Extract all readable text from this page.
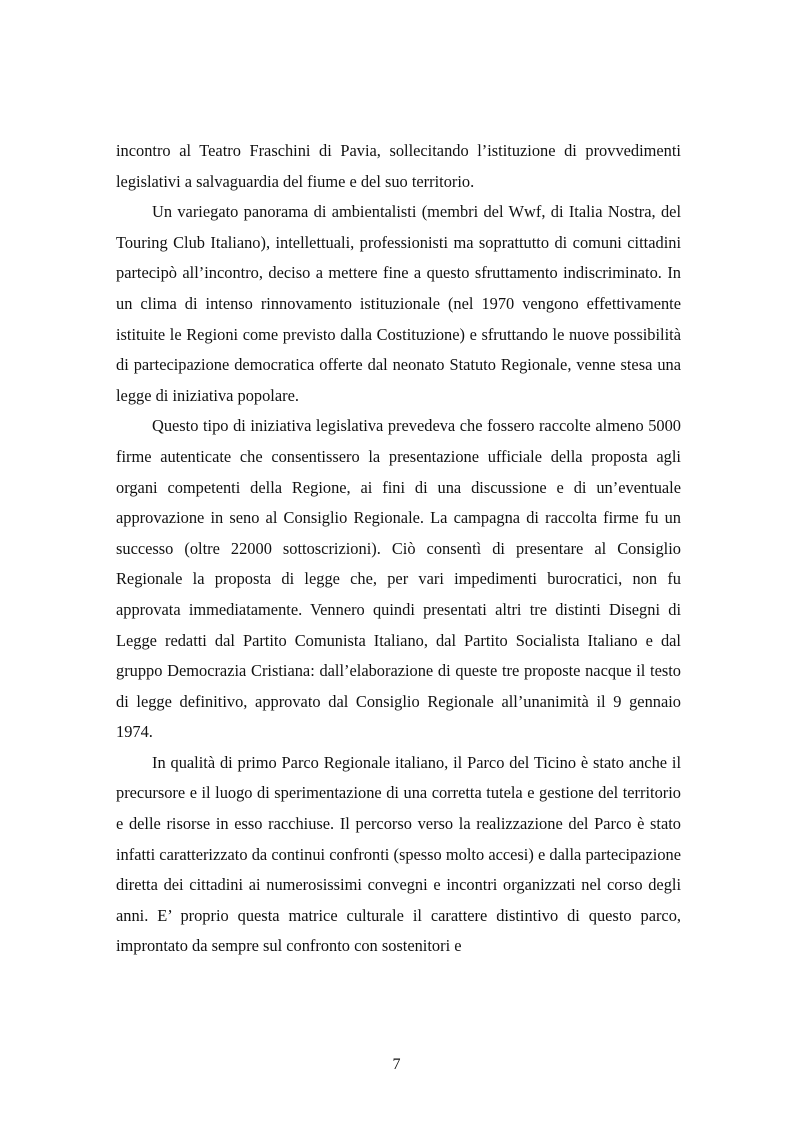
incontro al Teatro Fraschini di Pavia, sollecitando l’istituzione di provvedimenti legislativi a salvaguardia del fiume e del suo territorio.

Un variegato panorama di ambientalisti (membri del Wwf, di Italia Nostra, del Touring Club Italiano), intellettuali, professionisti ma soprattutto di comuni cittadini partecipò all’incontro, deciso a mettere fine a questo sfruttamento indiscriminato. In un clima di intenso rinnovamento istituzionale (nel 1970 vengono effettivamente istituite le Regioni come previsto dalla Costituzione) e sfruttando le nuove possibilità di partecipazione democratica offerte dal neonato Statuto Regionale, venne stesa una legge di iniziativa popolare.

Questo tipo di iniziativa legislativa prevedeva che fossero raccolte almeno 5000 firme autenticate che consentissero la presentazione ufficiale della proposta agli organi competenti della Regione, ai fini di una discussione e di un’eventuale approvazione in seno al Consiglio Regionale. La campagna di raccolta firme fu un successo (oltre 22000 sottoscrizioni). Ciò consentì di presentare al Consiglio Regionale la proposta di legge che, per vari impedimenti burocratici, non fu approvata immediatamente. Vennero quindi presentati altri tre distinti Disegni di Legge redatti dal Partito Comunista Italiano, dal Partito Socialista Italiano e dal gruppo Democrazia Cristiana: dall’elaborazione di queste tre proposte nacque il testo di legge definitivo, approvato dal Consiglio Regionale all’unanimità il 9 gennaio 1974.

In qualità di primo Parco Regionale italiano, il Parco del Ticino è stato anche il precursore e il luogo di sperimentazione di una corretta tutela e gestione del territorio e delle risorse in esso racchiuse. Il percorso verso la realizzazione del Parco è stato infatti caratterizzato da continui confronti (spesso molto accesi) e dalla partecipazione diretta dei cittadini ai numerosissimi convegni e incontri organizzati nel corso degli anni. E’ proprio questa matrice culturale il carattere distintivo di questo parco, improntato da sempre sul confronto con sostenitori e

7
